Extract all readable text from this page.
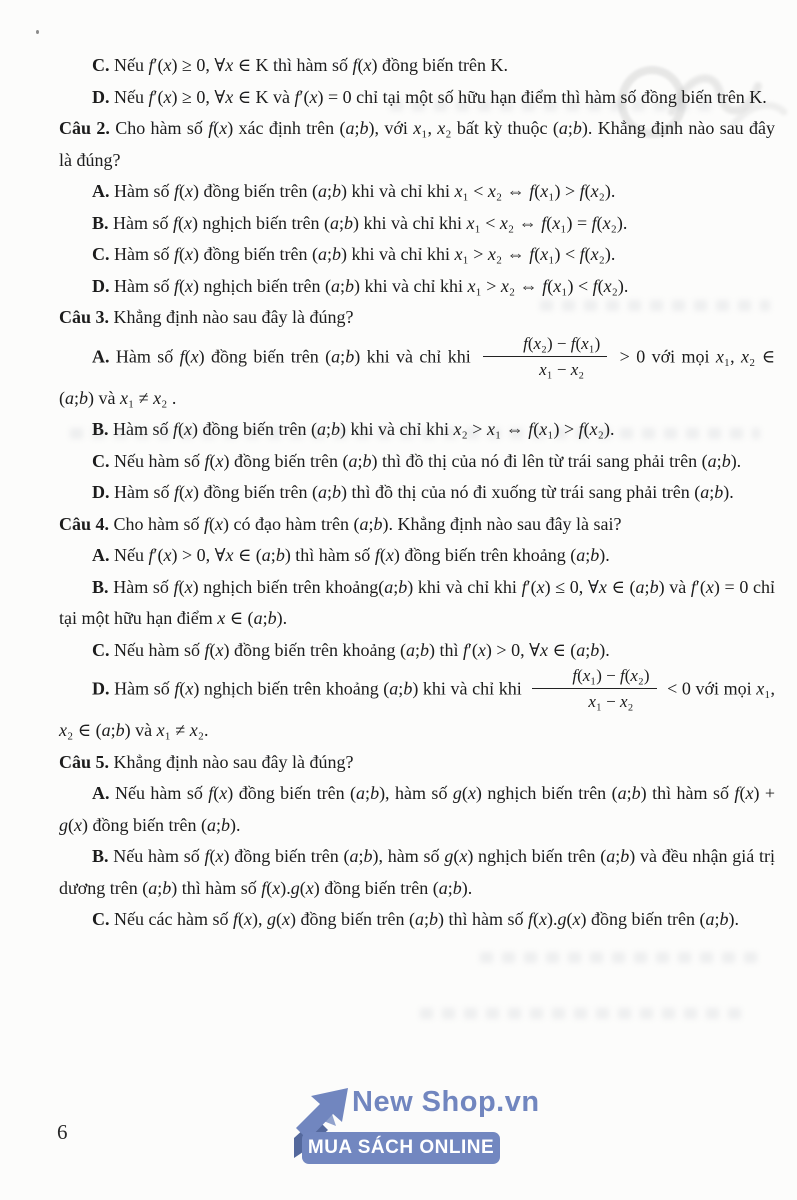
C. Nếu f′(x) ≥ 0, ∀x ∈ K thì hàm số f(x) đồng biến trên K.

D. Nếu f′(x) ≥ 0, ∀x ∈ K và f′(x) = 0 chỉ tại một số hữu hạn điểm thì hàm số đồng biến trên K.

Câu 2. Cho hàm số f(x) xác định trên (a;b), với x₁, x₂ bất kỳ thuộc (a;b). Khẳng định nào sau đây là đúng?

A. Hàm số f(x) đồng biến trên (a;b) khi và chỉ khi x₁ < x₂ ⇔ f(x₁) > f(x₂).

B. Hàm số f(x) nghịch biến trên (a;b) khi và chỉ khi x₁ < x₂ ⇔ f(x₁) = f(x₂).

C. Hàm số f(x) đồng biến trên (a;b) khi và chỉ khi x₁ > x₂ ⇔ f(x₁) < f(x₂).

D. Hàm số f(x) nghịch biến trên (a;b) khi và chỉ khi x₁ > x₂ ⇔ f(x₁) < f(x₂).

Câu 3. Khẳng định nào sau đây là đúng?

A. Hàm số f(x) đồng biến trên (a;b) khi và chỉ khi $\frac{\text{f(x₂) − f(x₁)}}{\text{x₁ − x₂}} > 0$ với mọi x₁, x₂ ∈ (a;b) và x₁ ≠ x₂ .

B. Hàm số f(x) đồng biến trên (a;b) khi và chỉ khi x₂ > x₁ ⇔ f(x₁) > f(x₂).

C. Nếu hàm số f(x) đồng biến trên (a;b) thì đồ thị của nó đi lên từ trái sang phải trên (a;b).

D. Hàm số f(x) đồng biến trên (a;b) thì đồ thị của nó đi xuống từ trái sang phải trên (a;b).

Câu 4. Cho hàm số f(x) có đạo hàm trên (a;b). Khẳng định nào sau đây là sai?

A. Nếu f′(x) > 0, ∀x ∈ (a;b) thì hàm số f(x) đồng biến trên khoảng (a;b).

B. Hàm số f(x) nghịch biến trên khoảng(a;b) khi và chỉ khi f′(x) ≤ 0, ∀x ∈ (a;b) và f′(x) = 0 chỉ tại một hữu hạn điểm x ∈ (a;b).

C. Nếu hàm số f(x) đồng biến trên khoảng (a;b) thì f′(x) > 0, ∀x ∈ (a;b).

D. Hàm số f(x) nghịch biến trên khoảng (a;b) khi và chỉ khi $\frac{\text{f(x₁) − f(x₂)}}{\text{x₁ − x₂}} < 0$ với mọi x₁, x₂ ∈ (a;b) và x₁ ≠ x₂.

Câu 5. Khẳng định nào sau đây là đúng?

A. Nếu hàm số f(x) đồng biến trên (a;b), hàm số g(x) nghịch biến trên (a;b) thì hàm số f(x) + g(x) đồng biến trên (a;b).

B. Nếu hàm số f(x) đồng biến trên (a;b), hàm số g(x) nghịch biến trên (a;b) và đều nhận giá trị dương trên (a;b) thì hàm số f(x).g(x) đồng biến trên (a;b).

C. Nếu các hàm số f(x), g(x) đồng biến trên (a;b) thì hàm số f(x).g(x) đồng biến trên (a;b).

6
New Shop.vn
MUA SÁCH ONLINE
